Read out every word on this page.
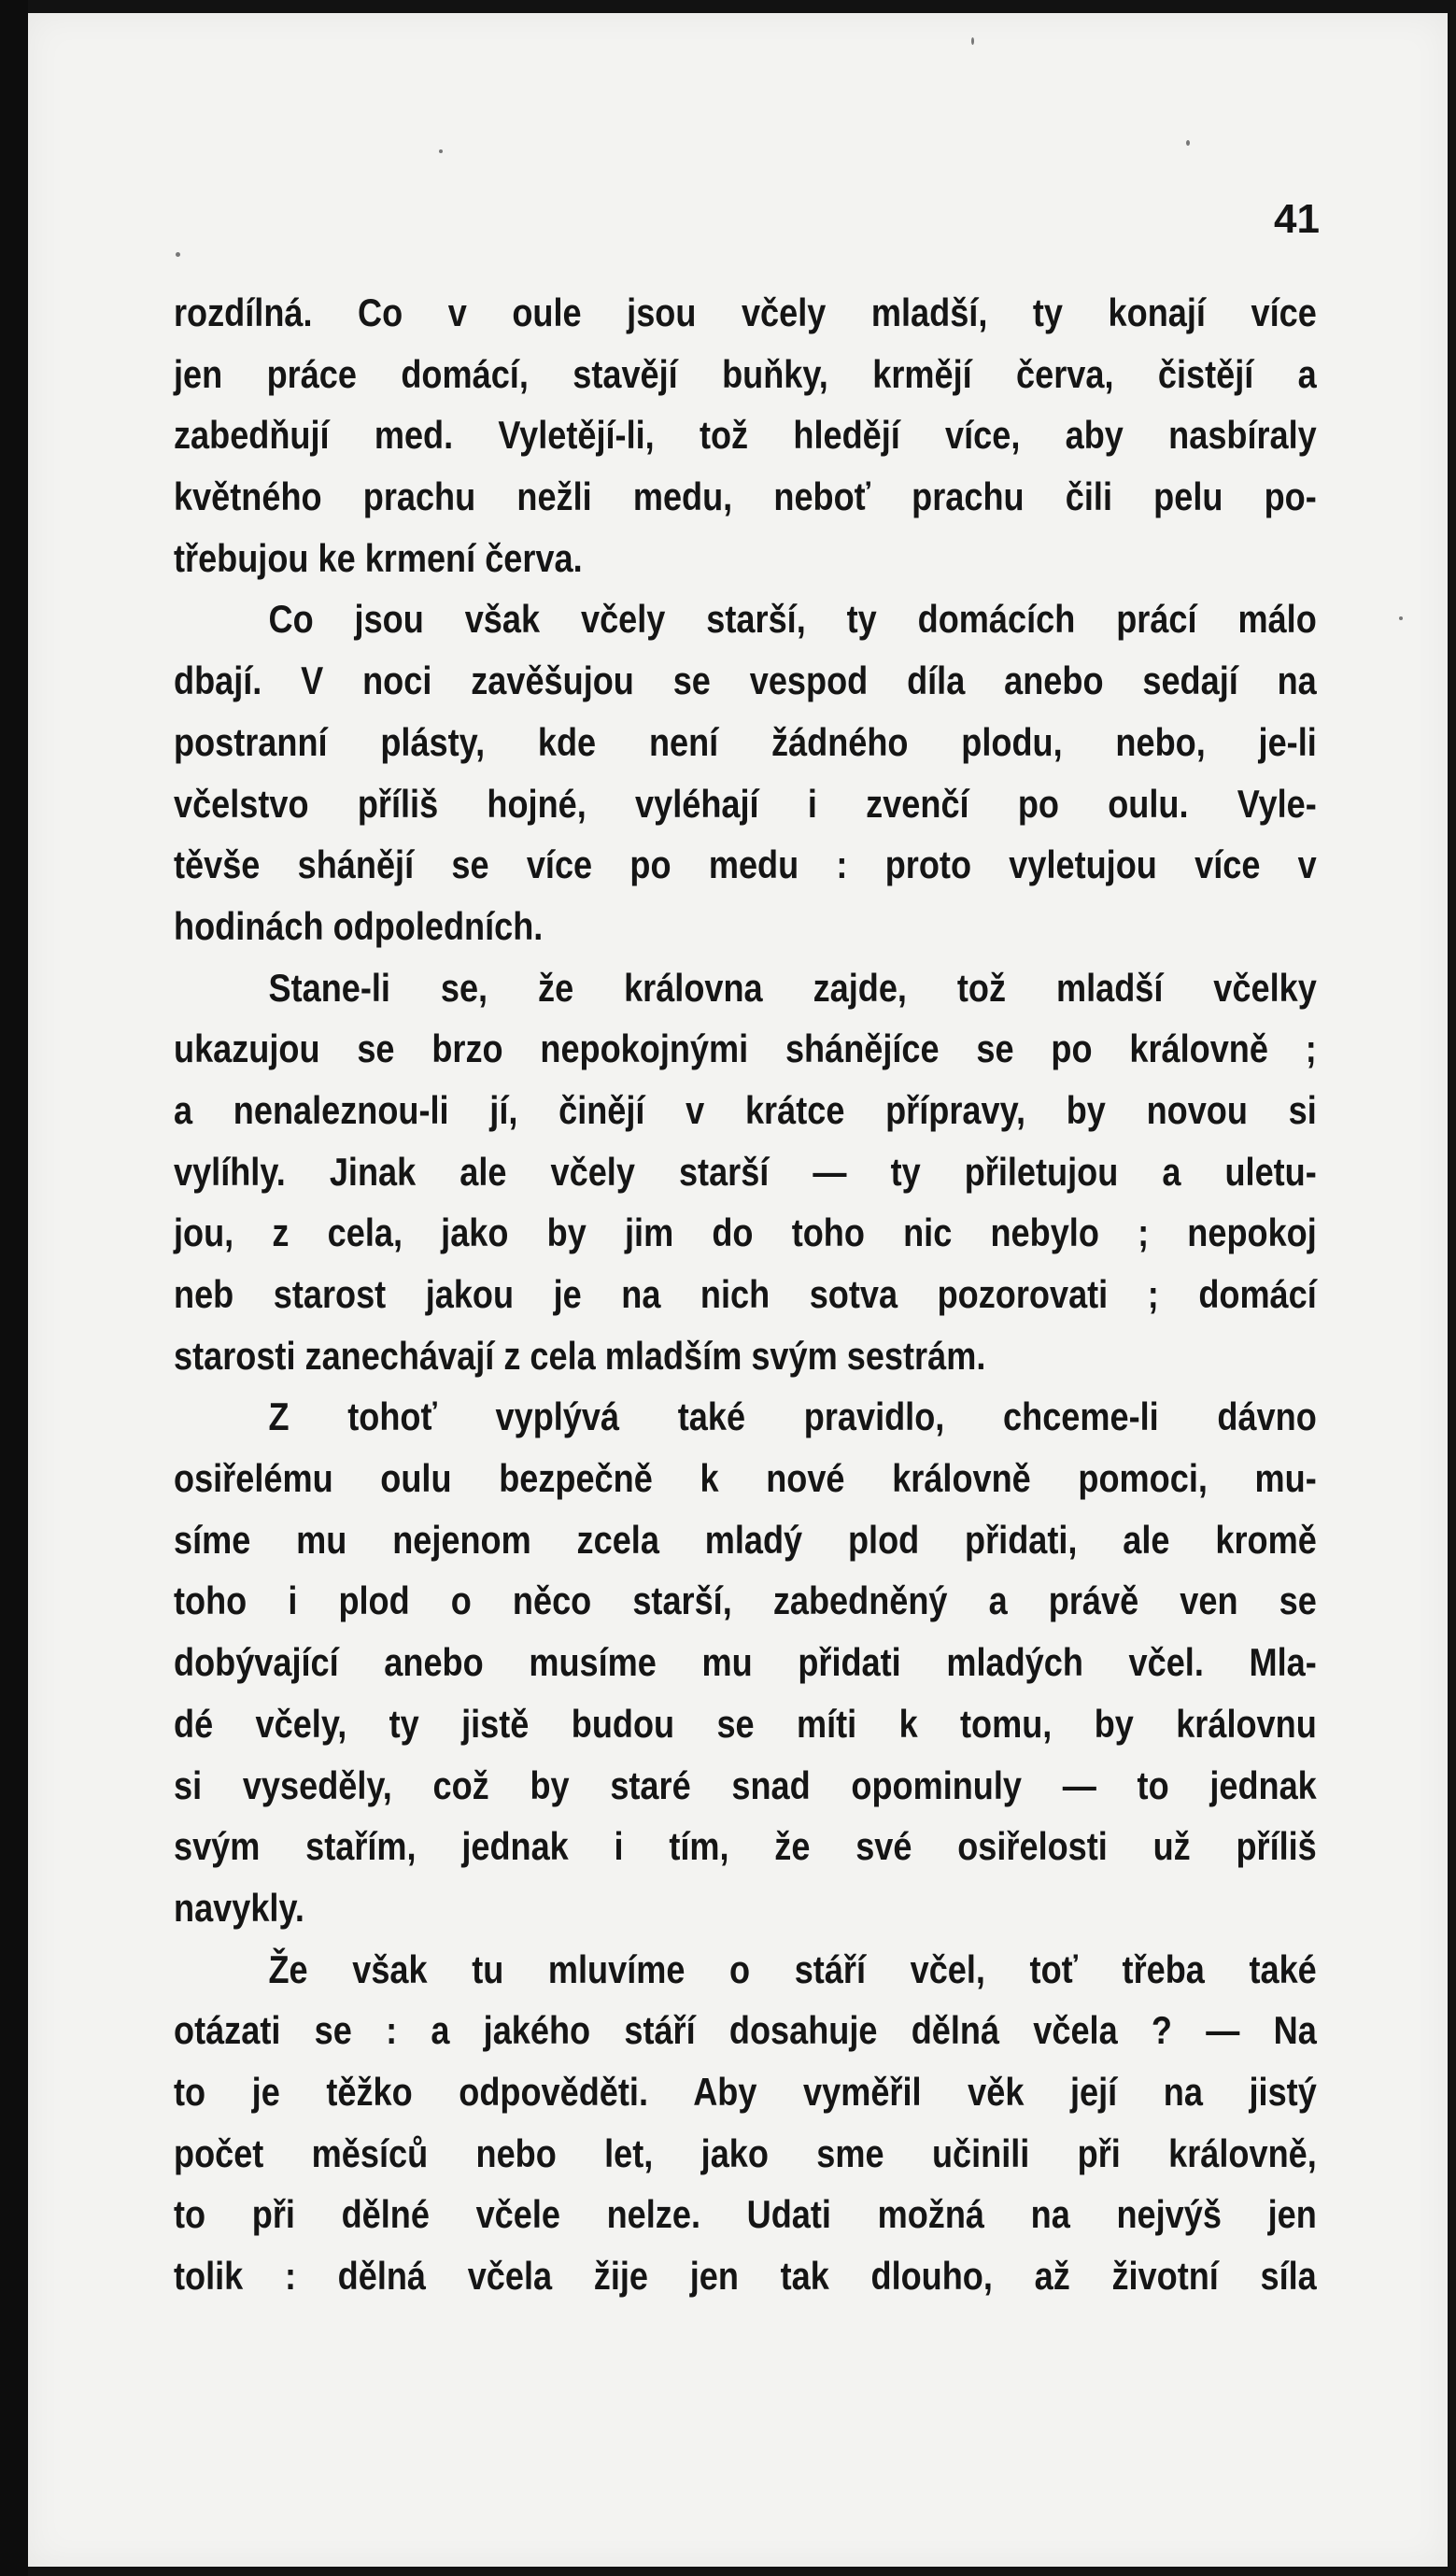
41
rozdílná. Co v oule jsou včely mladší, ty konají více
jen práce domácí, stavějí buňky, krmějí červa, čistějí a
zabedňují med. Vyletějí-li, tož hledějí více, aby nasbíraly
květného prachu nežli medu, neboť prachu čili pelu po-
třebujou ke krmení červa.
Co jsou však včely starší, ty domácích prácí málo
dbají. V noci zavěšujou se vespod díla anebo sedají na
postranní plásty, kde není žádného plodu, nebo, je-li
včelstvo příliš hojné, vyléhají i zvenčí po oulu. Vyle-
těvše shánějí se více po medu : proto vyletujou více v
hodinách odpoledních.
Stane-li se, že královna zajde, tož mladší včelky
ukazujou se brzo nepokojnými shánějíce se po královně ;
a nenaleznou-li jí, činějí v krátce přípravy, by novou si
vylíhly. Jinak ale včely starší — ty přiletujou a uletu-
jou, z cela, jako by jim do toho nic nebylo ; nepokoj
neb starost jakou je na nich sotva pozorovati ; domácí
starosti zanechávají z cela mladším svým sestrám.
Z tohoť vyplývá také pravidlo, chceme-li dávno
osiřelému oulu bezpečně k nové královně pomoci, mu-
síme mu nejenom zcela mladý plod přidati, ale kromě
toho i plod o něco starší, zabedněný a právě ven se
dobývající anebo musíme mu přidati mladých včel. Mla-
dé včely, ty jistě budou se míti k tomu, by královnu
si vyseděly, což by staré snad opominuly — to jednak
svým stařím, jednak i tím, že své osiřelosti už příliš
navykly.
Že však tu mluvíme o stáří včel, toť třeba také
otázati se : a jakého stáří dosahuje dělná včela ? — Na
to je těžko odpověděti. Aby vyměřil věk její na jistý
počet měsíců nebo let, jako sme učinili při královně,
to při dělné včele nelze. Udati možná na nejvýš jen
tolik : dělná včela žije jen tak dlouho, až životní síla
